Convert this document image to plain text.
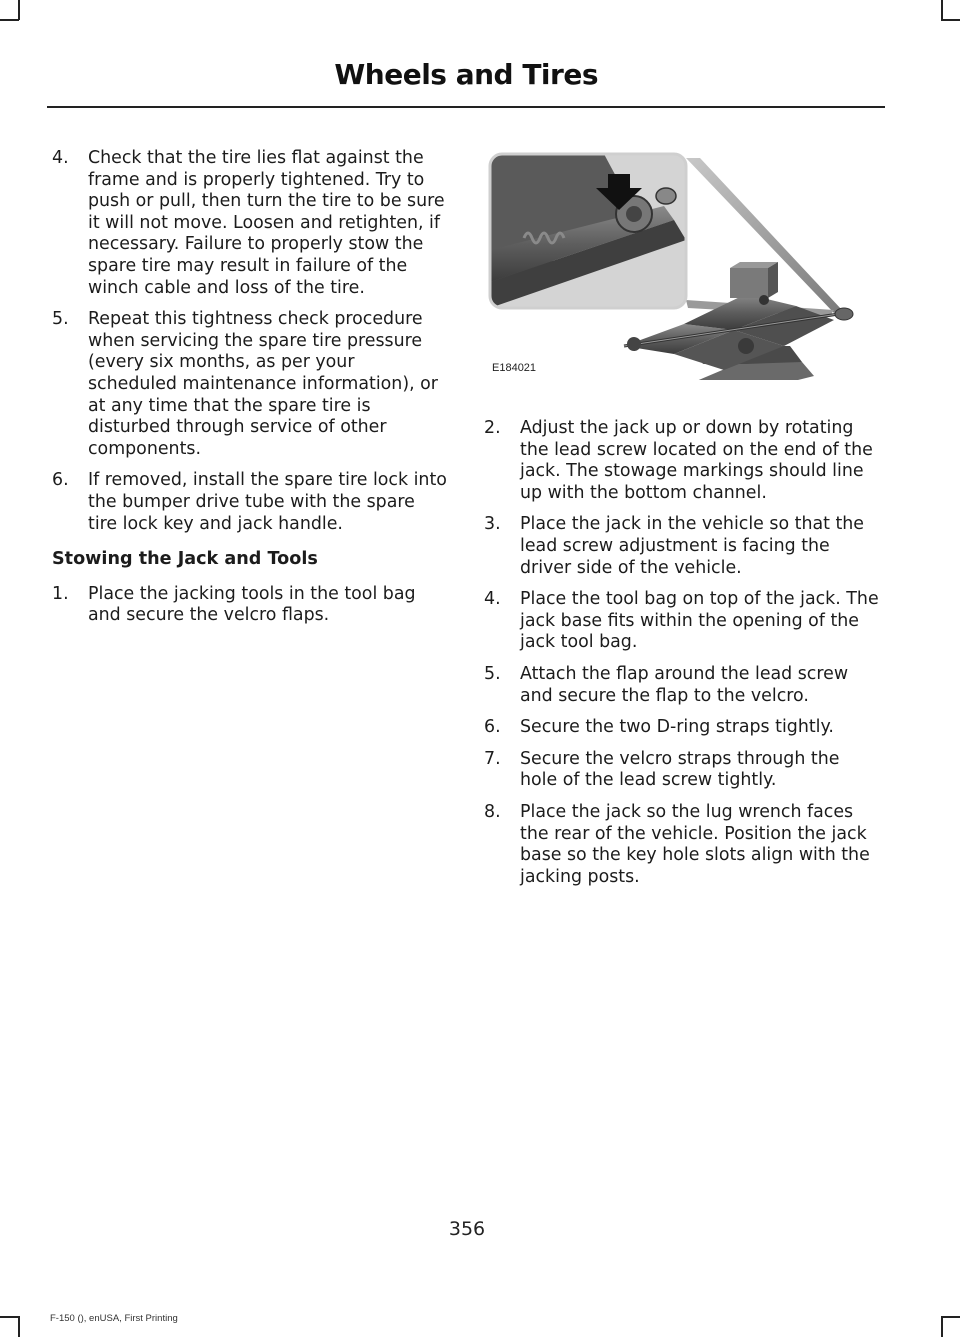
Wheels and Tires
4. Check that the tire lies flat against the frame and is properly tightened. Try to push or pull, then turn the tire to be sure it will not move. Loosen and retighten, if necessary. Failure to properly stow the spare tire may result in failure of the winch cable and loss of the tire.
5. Repeat this tightness check procedure when servicing the spare tire pressure (every six months, as per your scheduled maintenance information), or at any time that the spare tire is disturbed through service of other components.
6. If removed, install the spare tire lock into the bumper drive tube with the spare tire lock key and jack handle.
Stowing the Jack and Tools
1. Place the jacking tools in the tool bag and secure the velcro flaps.
E184021
2. Adjust the jack up or down by rotating the lead screw located on the end of the jack. The stowage markings should line up with the bottom channel.
3. Place the jack in the vehicle so that the lead screw adjustment is facing the driver side of the vehicle.
4. Place the tool bag on top of the jack. The jack base fits within the opening of the jack tool bag.
5. Attach the flap around the lead screw and secure the flap to the velcro.
6. Secure the two D-ring straps tightly.
7. Secure the velcro straps through the hole of the lead screw tightly.
8. Place the jack so the lug wrench faces the rear of the vehicle. Position the jack base so the key hole slots align with the jacking posts.
356
F-150 (), enUSA, First Printing
